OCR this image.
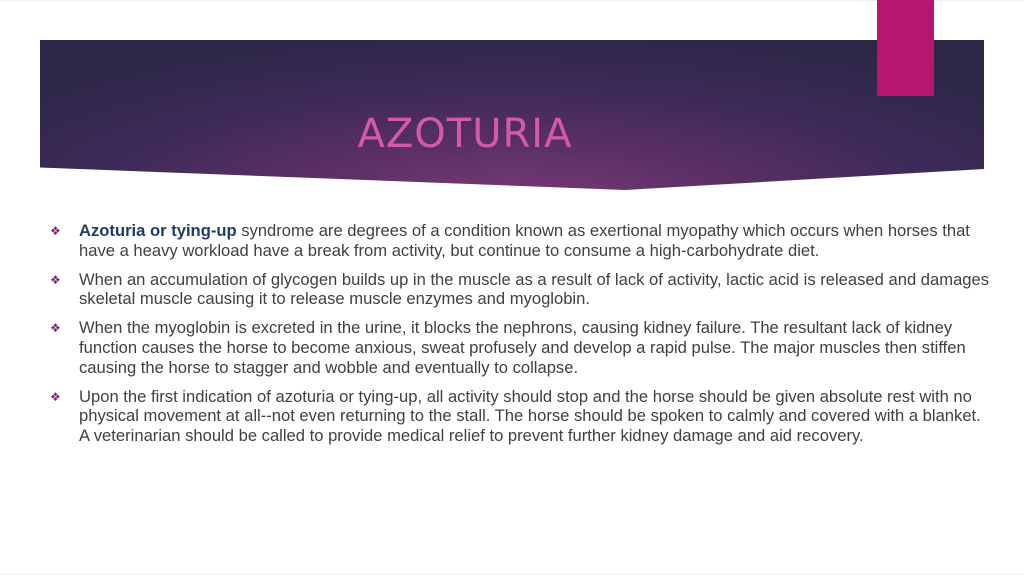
AZOTURIA
❖ Azoturia or tying-up syndrome are degrees of a condition known as exertional myopathy which occurs when horses that have a heavy workload have a break from activity, but continue to consume a high-carbohydrate diet.
❖ When an accumulation of glycogen builds up in the muscle as a result of lack of activity, lactic acid is released and damages skeletal muscle causing it to release muscle enzymes and myoglobin.
❖ When the myoglobin is excreted in the urine, it blocks the nephrons, causing kidney failure. The resultant lack of kidney function causes the horse to become anxious, sweat profusely and develop a rapid pulse. The major muscles then stiffen causing the horse to stagger and wobble and eventually to collapse.
❖ Upon the first indication of azoturia or tying-up, all activity should stop and the horse should be given absolute rest with no physical movement at all--not even returning to the stall. The horse should be spoken to calmly and covered with a blanket. A veterinarian should be called to provide medical relief to prevent further kidney damage and aid recovery.
